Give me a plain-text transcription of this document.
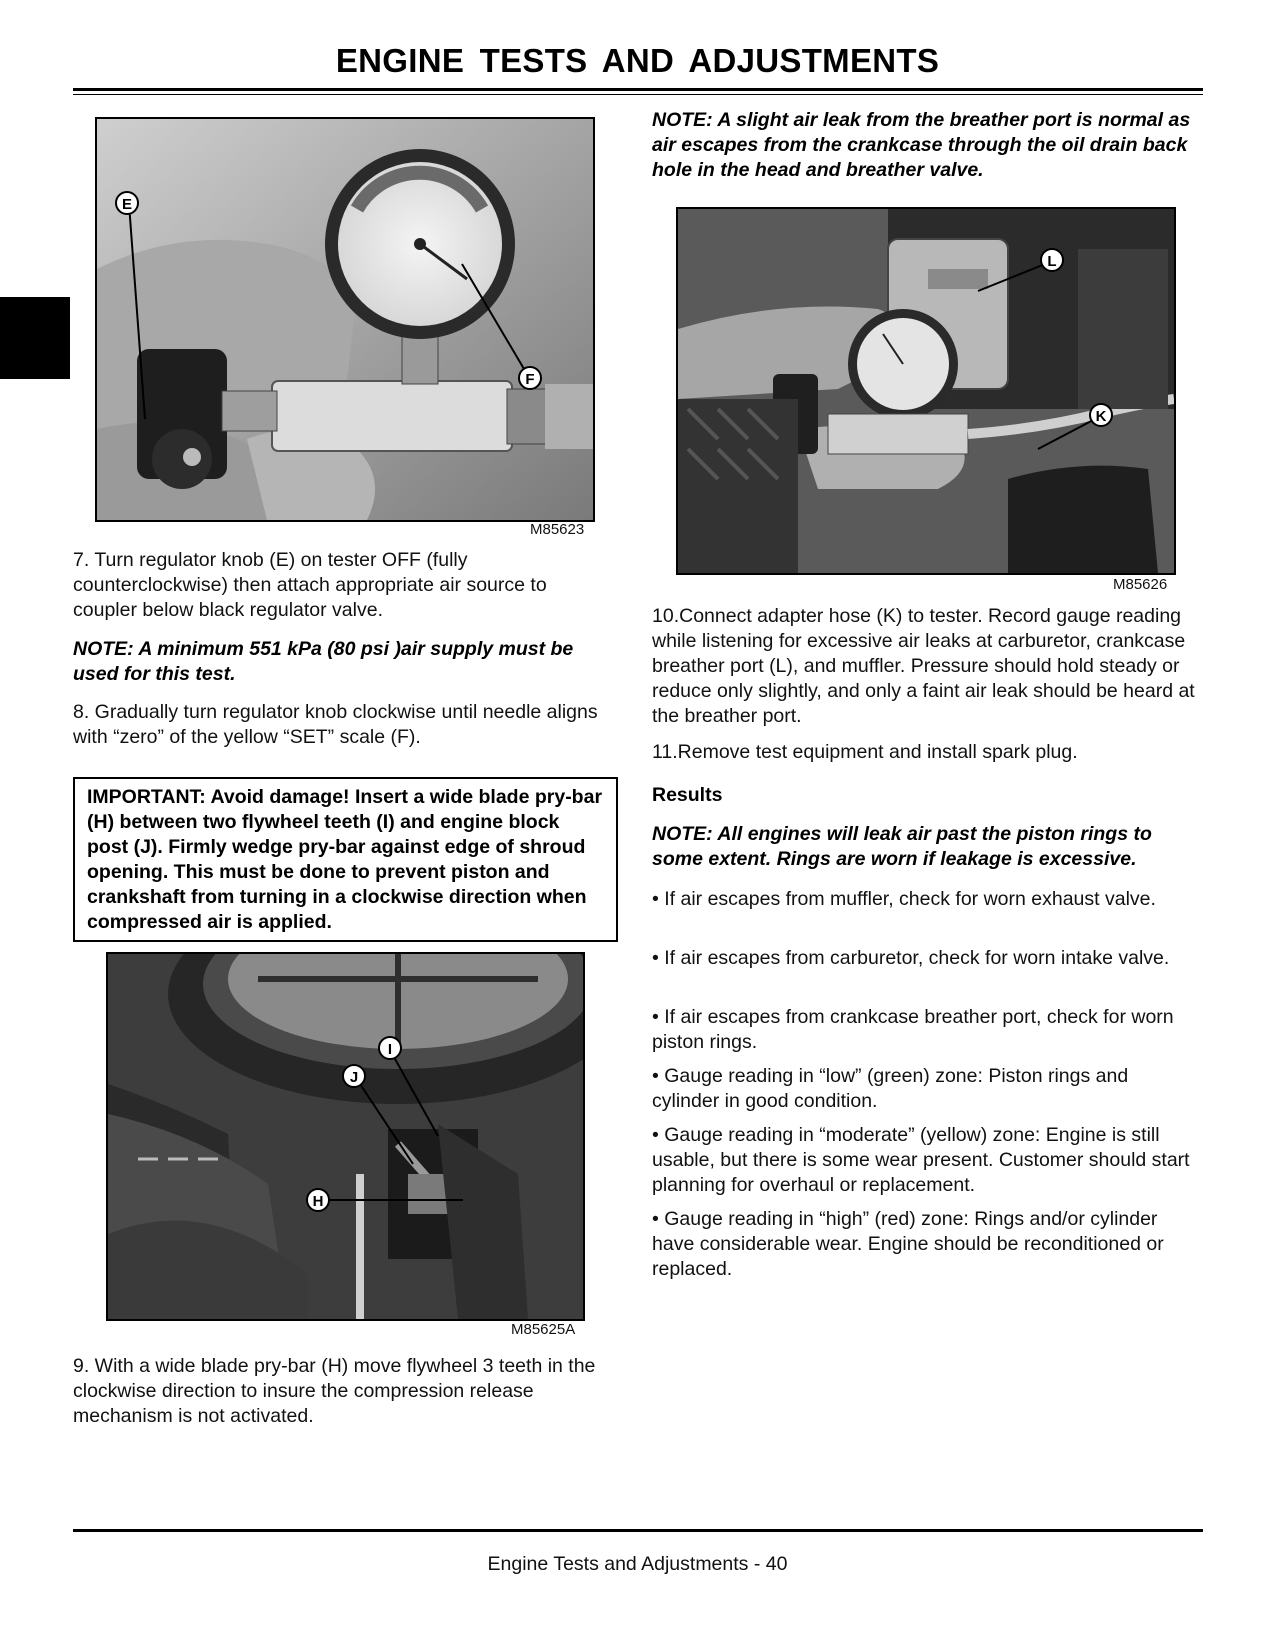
ENGINE TESTS AND ADJUSTMENTS
E
F
M85623
7. Turn regulator knob (E) on tester OFF (fully counterclockwise) then attach appropriate air source to coupler below black regulator valve.
NOTE: A minimum 551 kPa (80 psi )air supply must be used for this test.
8. Gradually turn regulator knob clockwise until needle aligns with “zero” of the yellow “SET” scale (F).
IMPORTANT: Avoid damage! Insert a wide blade pry-bar (H) between two flywheel teeth (I) and engine block post (J). Firmly wedge pry-bar against edge of shroud opening. This must be done to prevent piston and crankshaft from turning in a clockwise direction when compressed air is applied.
I
J
H
M85625A
9. With a wide blade pry-bar (H) move flywheel 3 teeth in the clockwise direction to insure the compression release mechanism is not activated.
NOTE: A slight air leak from the breather port is normal as air escapes from the crankcase through the oil drain back hole in the head and breather valve.
L
K
M85626
10.Connect adapter hose (K) to tester. Record gauge reading while listening for excessive air leaks at carburetor, crankcase breather port (L), and muffler. Pressure should hold steady or reduce only slightly, and only a faint air leak should be heard at the breather port.
11.Remove test equipment and install spark plug.
Results
NOTE: All engines will leak air past the piston rings to some extent. Rings are worn if leakage is excessive.
• If air escapes from muffler, check for worn exhaust valve.
• If air escapes from carburetor, check for worn intake valve.
• If air escapes from crankcase breather port, check for worn piston rings.
• Gauge reading in “low” (green) zone: Piston rings and cylinder in good condition.
• Gauge reading in “moderate” (yellow) zone: Engine is still usable, but there is some wear present. Customer should start planning for overhaul or replacement.
• Gauge reading in “high” (red) zone: Rings and/or cylinder have considerable wear. Engine should be reconditioned or replaced.
Engine Tests and Adjustments - 40
